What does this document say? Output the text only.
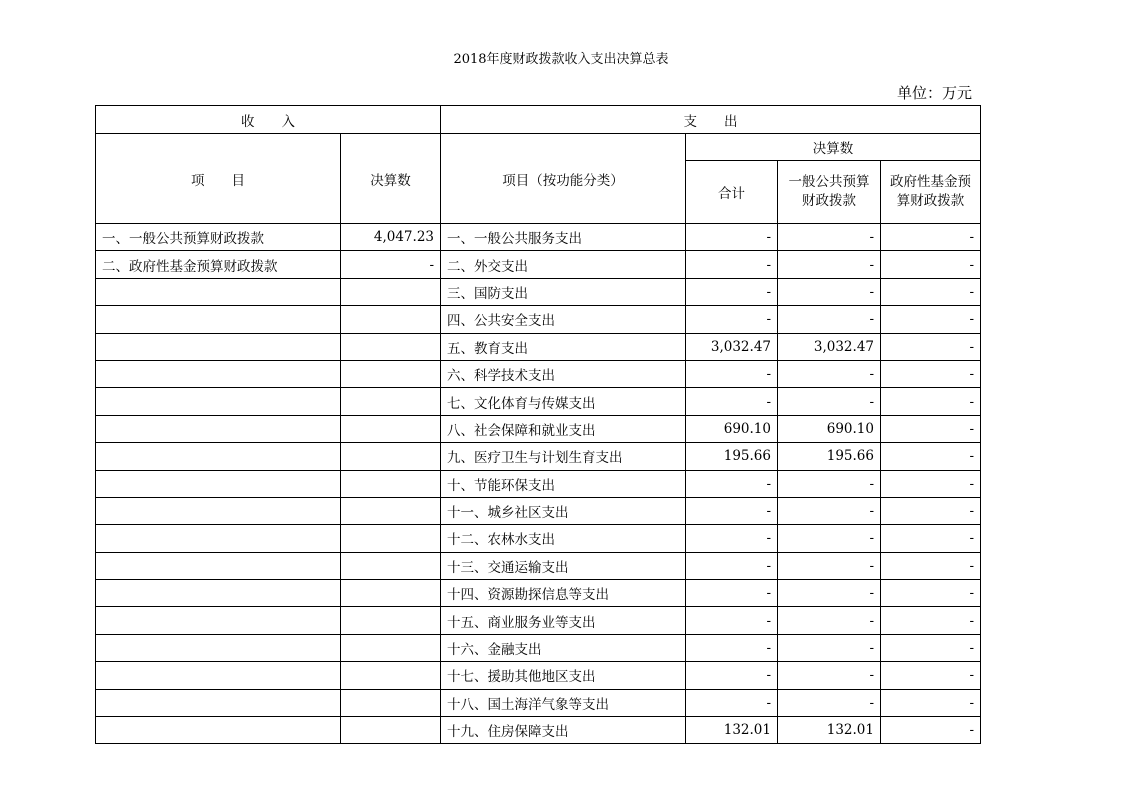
2018年度财政拨款收入支出决算总表
单位：万元
收　　入		支　　出			
项　　目	决算数	项目（按功能分类）	决算数		
			合计	一般公共预算财政拨款	政府性基金预算财政拨款
一、一般公共预算财政拨款	4,047.23	一、一般公共服务支出	-	-	-
二、政府性基金预算财政拨款	-	二、外交支出	-	-	-
		三、国防支出	-	-	-
		四、公共安全支出	-	-	-
		五、教育支出	3,032.47	3,032.47	-
		六、科学技术支出	-	-	-
		七、文化体育与传媒支出	-	-	-
		八、社会保障和就业支出	690.10	690.10	-
		九、医疗卫生与计划生育支出	195.66	195.66	-
		十、节能环保支出	-	-	-
		十一、城乡社区支出	-	-	-
		十二、农林水支出	-	-	-
		十三、交通运输支出	-	-	-
		十四、资源勘探信息等支出	-	-	-
		十五、商业服务业等支出	-	-	-
		十六、金融支出	-	-	-
		十七、援助其他地区支出	-	-	-
		十八、国土海洋气象等支出	-	-	-
		十九、住房保障支出	132.01	132.01	-
